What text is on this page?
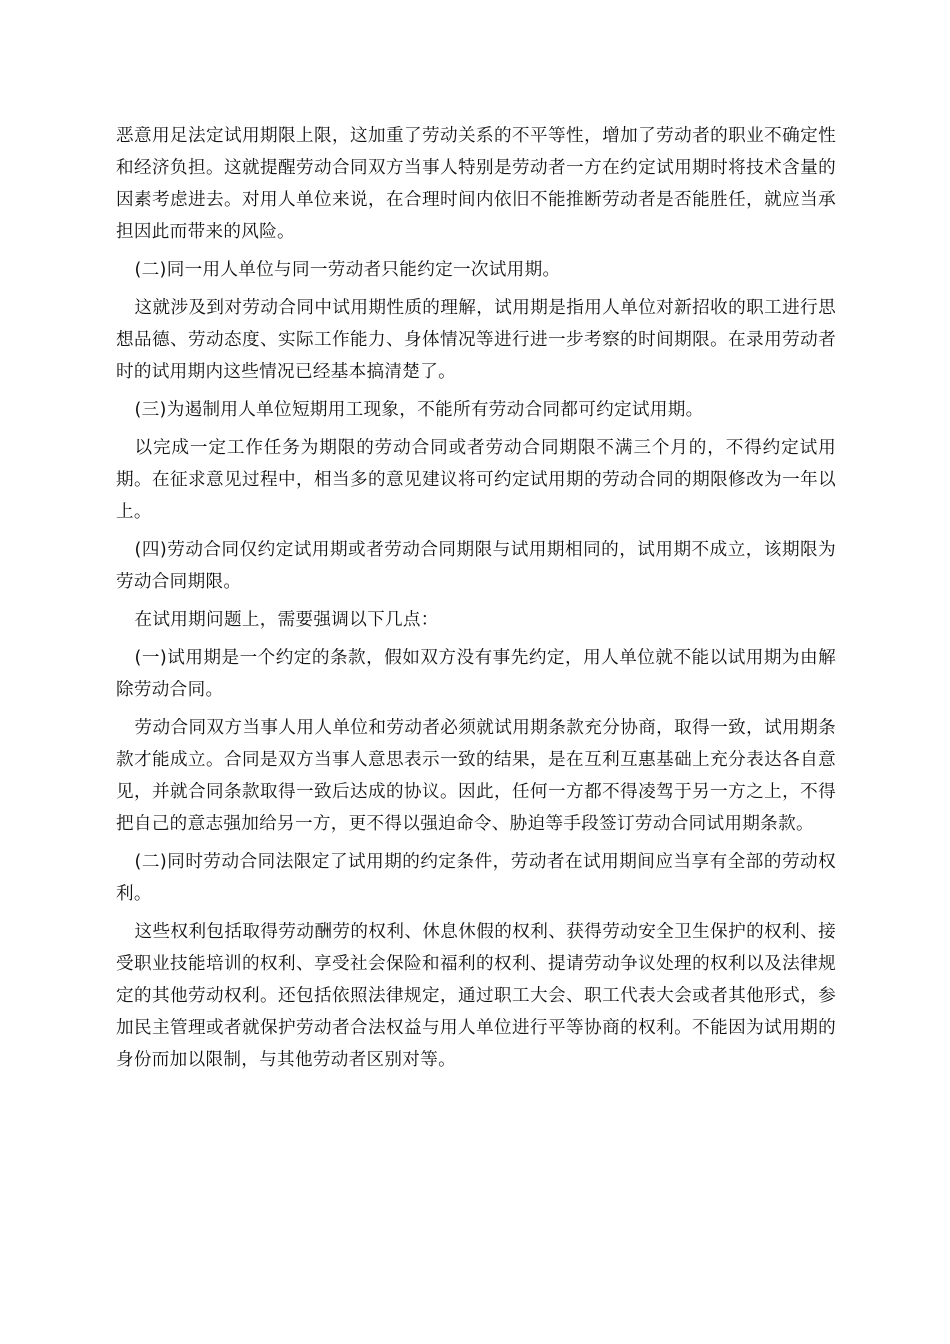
恶意用足法定试用期限上限，这加重了劳动关系的不平等性，增加了劳动者的职业不确定性和经济负担。这就提醒劳动合同双方当事人特别是劳动者一方在约定试用期时将技术含量的因素考虑进去。对用人单位来说，在合理时间内依旧不能推断劳动者是否能胜任，就应当承担因此而带来的风险。

(二)同一用人单位与同一劳动者只能约定一次试用期。

这就涉及到对劳动合同中试用期性质的理解，试用期是指用人单位对新招收的职工进行思想品德、劳动态度、实际工作能力、身体情况等进行进一步考察的时间期限。在录用劳动者时的试用期内这些情况已经基本搞清楚了。

(三)为遏制用人单位短期用工现象，不能所有劳动合同都可约定试用期。

以完成一定工作任务为期限的劳动合同或者劳动合同期限不满三个月的，不得约定试用期。在征求意见过程中，相当多的意见建议将可约定试用期的劳动合同的期限修改为一年以上。

(四)劳动合同仅约定试用期或者劳动合同期限与试用期相同的，试用期不成立，该期限为劳动合同期限。

在试用期问题上，需要强调以下几点：

(一)试用期是一个约定的条款，假如双方没有事先约定，用人单位就不能以试用期为由解除劳动合同。

劳动合同双方当事人用人单位和劳动者必须就试用期条款充分协商，取得一致，试用期条款才能成立。合同是双方当事人意思表示一致的结果，是在互利互惠基础上充分表达各自意见，并就合同条款取得一致后达成的协议。因此，任何一方都不得凌驾于另一方之上，不得把自己的意志强加给另一方，更不得以强迫命令、胁迫等手段签订劳动合同试用期条款。

(二)同时劳动合同法限定了试用期的约定条件，劳动者在试用期间应当享有全部的劳动权利。

这些权利包括取得劳动酬劳的权利、休息休假的权利、获得劳动安全卫生保护的权利、接受职业技能培训的权利、享受社会保险和福利的权利、提请劳动争议处理的权利以及法律规定的其他劳动权利。还包括依照法律规定，通过职工大会、职工代表大会或者其他形式，参加民主管理或者就保护劳动者合法权益与用人单位进行平等协商的权利。不能因为试用期的身份而加以限制，与其他劳动者区别对等。
